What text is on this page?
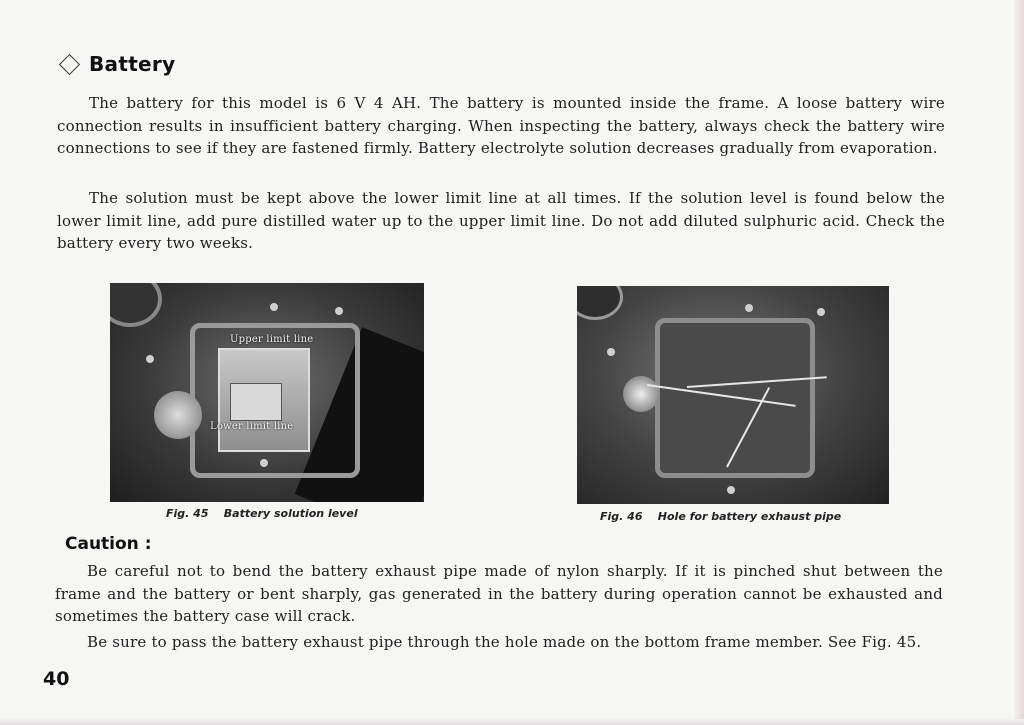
Battery

The battery for this model is 6 V 4 AH. The battery is mounted inside the frame. A loose battery wire connection results in insufficient battery charging. When inspecting the battery, always check the battery wire connections to see if they are fastened firmly. Battery electrolyte solution decreases gradually from evaporation.

The solution must be kept above the lower limit line at all times. If the solution level is found below the lower limit line, add pure distilled water up to the upper limit line. Do not add diluted sulphuric acid. Check the battery every two weeks.

Upper limit line
Lower limit line
Fig. 45    Battery solution level	Fig. 46    Hole for battery exhaust pipe
Caution :

Be careful not to bend the battery exhaust pipe made of nylon sharply. If it is pinched shut between the frame and the battery or bent sharply, gas generated in the battery during operation cannot be exhausted and sometimes the battery case will crack.

Be sure to pass the battery exhaust pipe through the hole made on the bottom frame member. See Fig. 45.

40
